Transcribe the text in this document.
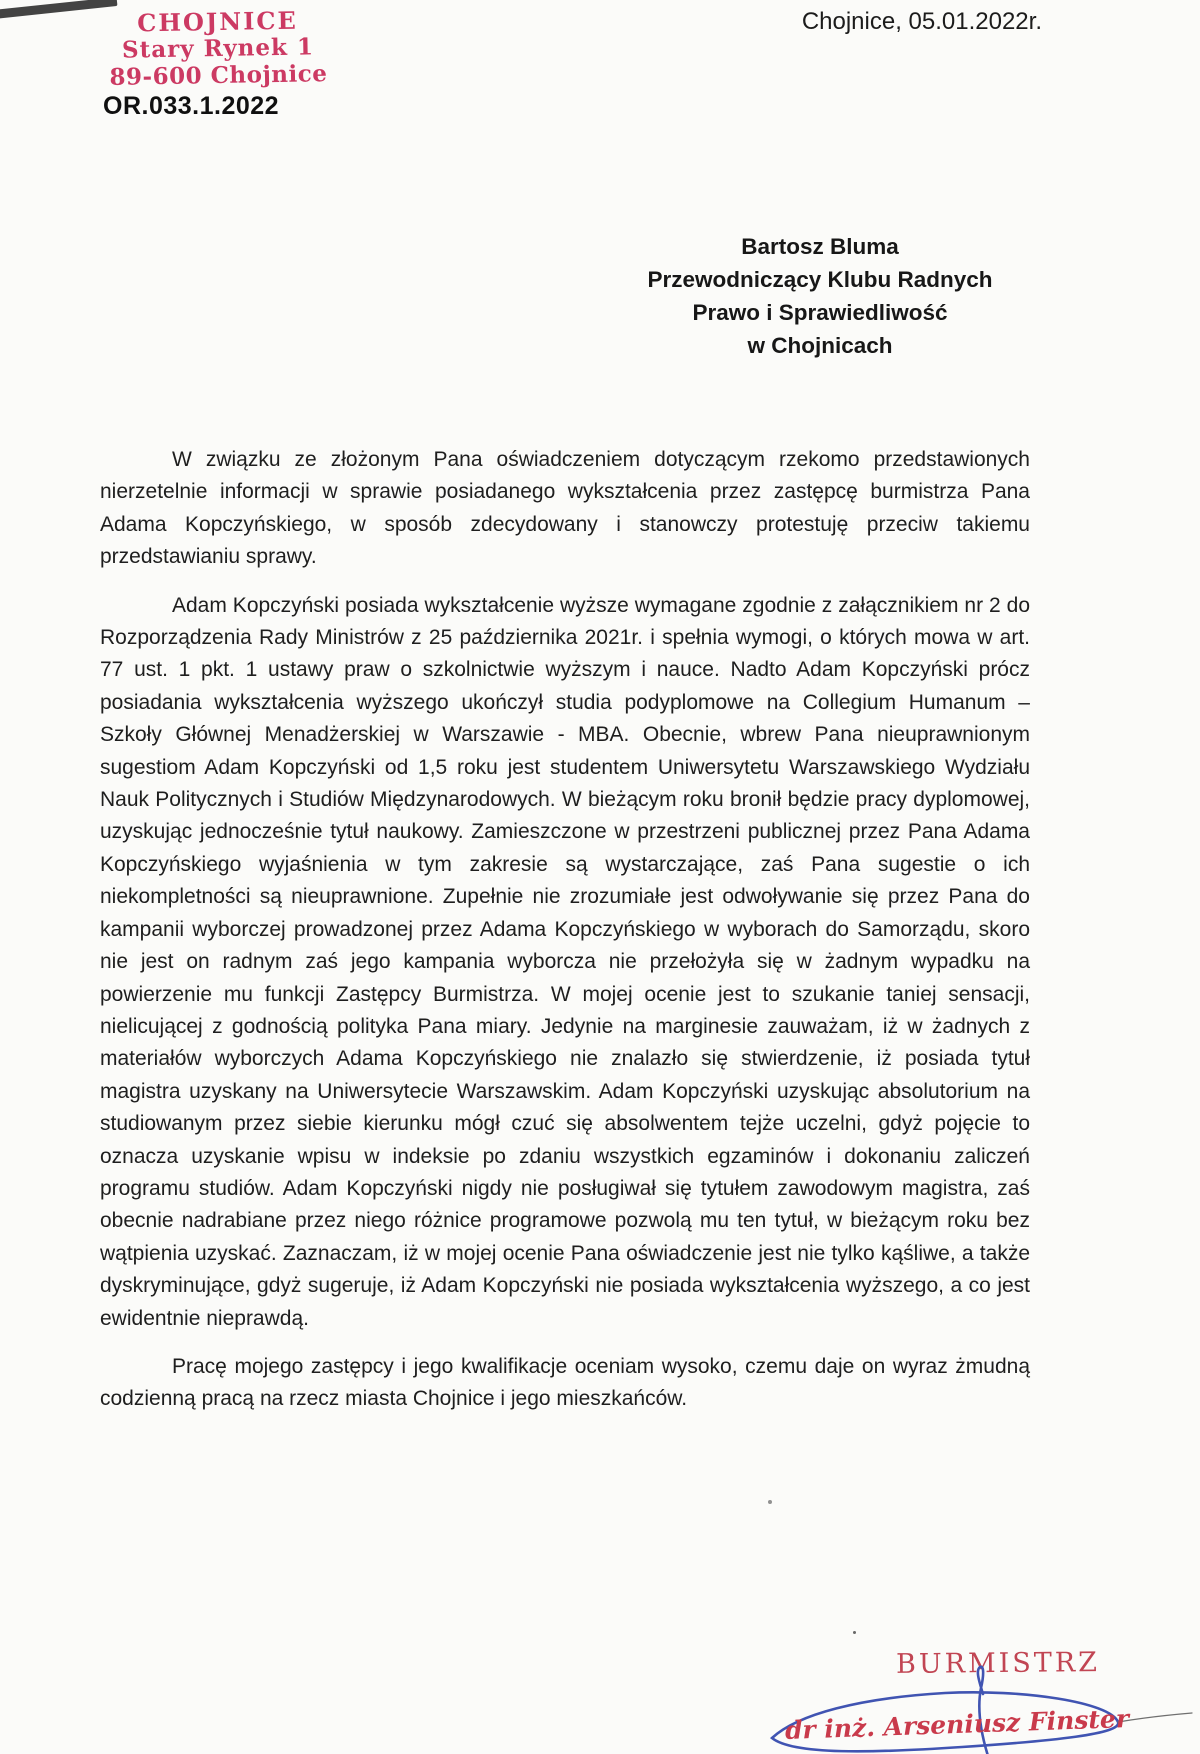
CHOJNICE
Stary Rynek 1
89-600 Chojnice
OR.033.1.2022
Chojnice, 05.01.2022r.
Bartosz Bluma
Przewodniczący Klubu Radnych
Prawo i Sprawiedliwość
w Chojnicach

W związku ze złożonym Pana oświadczeniem dotyczącym rzekomo przedstawionych nierzetelnie informacji w sprawie posiadanego wykształcenia przez zastępcę burmistrza Pana Adama Kopczyńskiego, w sposób zdecydowany i stanowczy protestuję przeciw takiemu przedstawianiu sprawy.

Adam Kopczyński posiada wykształcenie wyższe wymagane zgodnie z załącznikiem nr 2 do Rozporządzenia Rady Ministrów z 25 października 2021r. i spełnia wymogi, o których mowa w art. 77 ust. 1 pkt. 1 ustawy praw o szkolnictwie wyższym i nauce. Nadto Adam Kopczyński prócz posiadania wykształcenia wyższego ukończył studia podyplomowe na Collegium Humanum – Szkoły Głównej Menadżerskiej w Warszawie - MBA. Obecnie, wbrew Pana nieuprawnionym sugestiom Adam Kopczyński od 1,5 roku jest studentem Uniwersytetu Warszawskiego Wydziału Nauk Politycznych i Studiów Międzynarodowych. W bieżącym roku bronił będzie pracy dyplomowej, uzyskując jednocześnie tytuł naukowy. Zamieszczone w przestrzeni publicznej przez Pana Adama Kopczyńskiego wyjaśnienia w tym zakresie są wystarczające, zaś Pana sugestie o ich niekompletności są nieuprawnione. Zupełnie nie zrozumiałe jest odwoływanie się przez Pana do kampanii wyborczej prowadzonej przez Adama Kopczyńskiego w wyborach do Samorządu, skoro nie jest on radnym zaś jego kampania wyborcza nie przełożyła się w żadnym wypadku na powierzenie mu funkcji Zastępcy Burmistrza. W mojej ocenie jest to szukanie taniej sensacji, nielicującej z godnością polityka Pana miary. Jedynie na marginesie zauważam, iż w żadnych z materiałów wyborczych Adama Kopczyńskiego nie znalazło się stwierdzenie, iż posiada tytuł magistra uzyskany na Uniwersytecie Warszawskim. Adam Kopczyński uzyskując absolutorium na studiowanym przez siebie kierunku mógł czuć się absolwentem tejże uczelni, gdyż pojęcie to oznacza uzyskanie wpisu w indeksie po zdaniu wszystkich egzaminów i dokonaniu zaliczeń programu studiów. Adam Kopczyński nigdy nie posługiwał się tytułem zawodowym magistra, zaś obecnie nadrabiane przez niego różnice programowe pozwolą mu ten tytuł, w bieżącym roku bez wątpienia uzyskać. Zaznaczam, iż w mojej ocenie Pana oświadczenie jest nie tylko kąśliwe, a także dyskryminujące, gdyż sugeruje, iż Adam Kopczyński nie posiada wykształcenia wyższego, a co jest ewidentnie nieprawdą.

Pracę mojego zastępcy i jego kwalifikacje oceniam wysoko, czemu daje on wyraz żmudną codzienną pracą na rzecz miasta Chojnice i jego mieszkańców.

BURMISTRZ
dr inż. Arseniusz Finster
